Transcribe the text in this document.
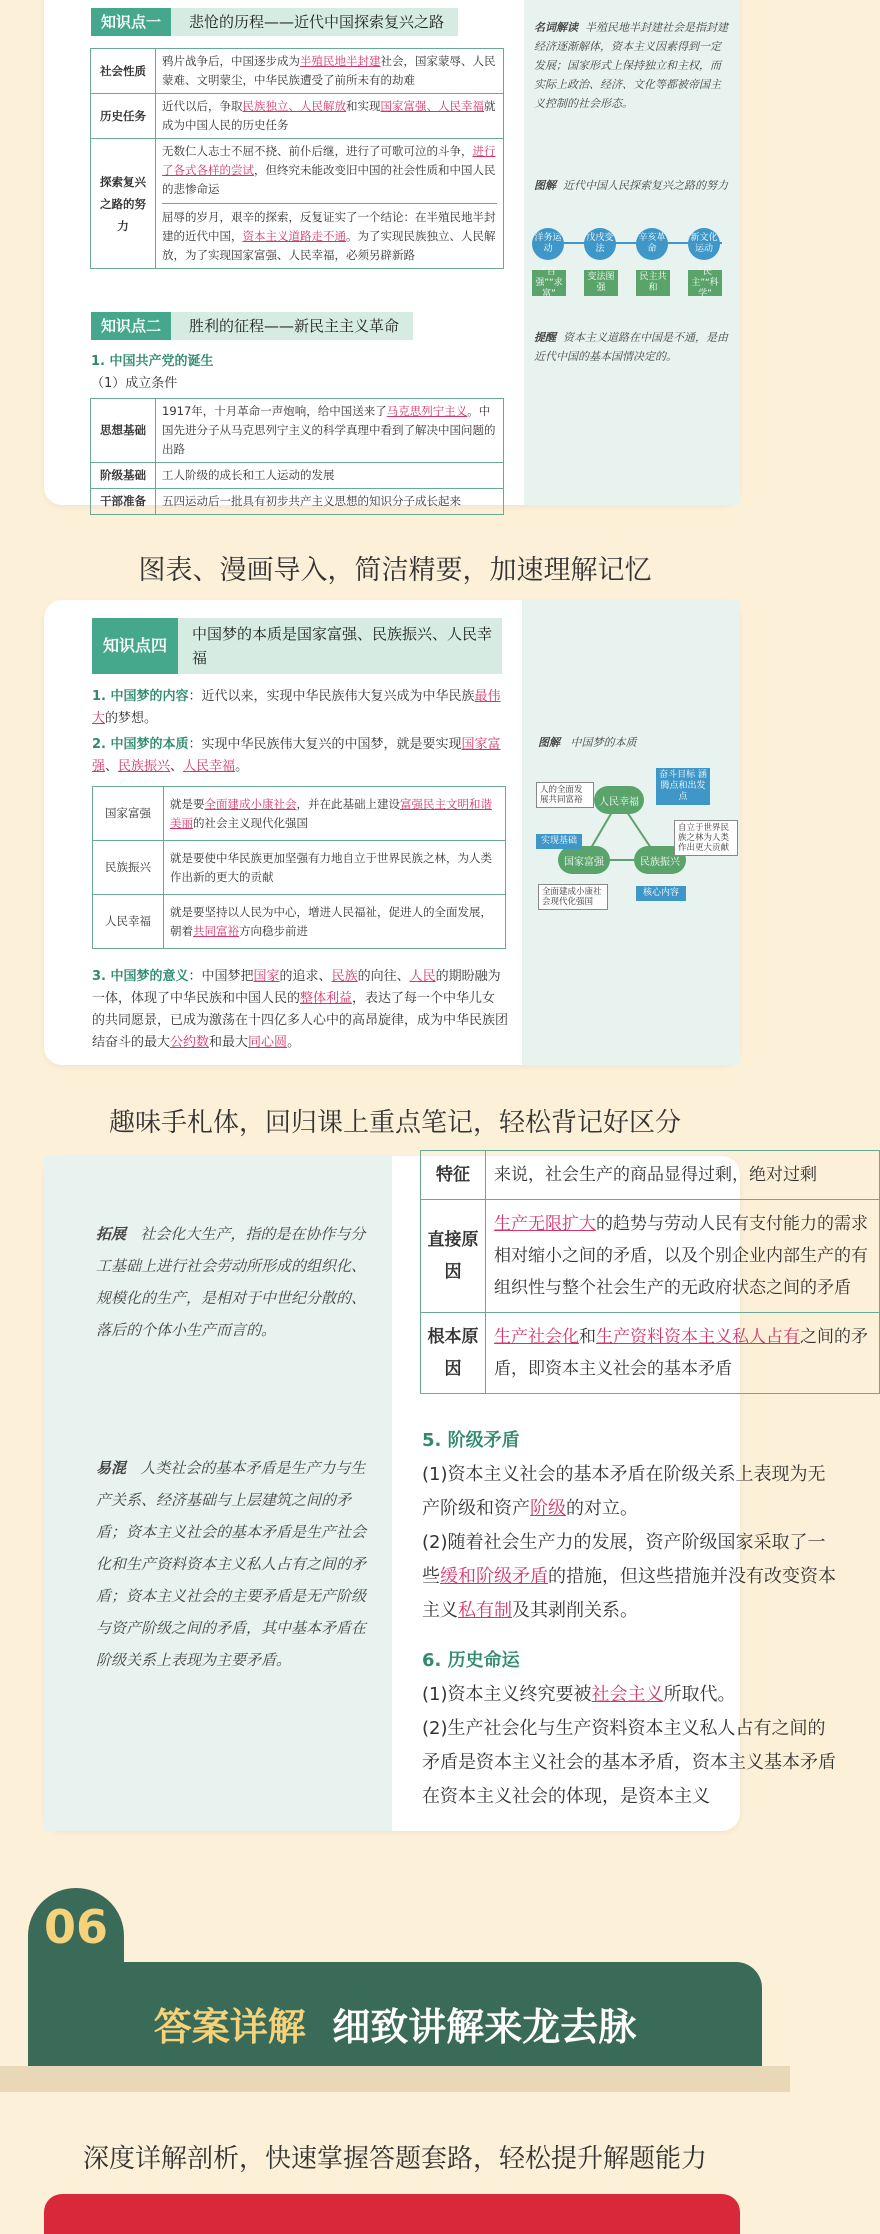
知识点一	悲怆的历程——近代中国探索复兴之路
社会性质	鸦片战争后，中国逐步成为半殖民地半封建社会，国家蒙辱、人民蒙难、文明蒙尘，中华民族遭受了前所未有的劫难
历史任务	近代以后，争取民族独立、人民解放和实现国家富强、人民幸福就成为中国人民的历史任务
探索复兴之路的努力	无数仁人志士不屈不挠、前仆后继，进行了可歌可泣的斗争，进行了各式各样的尝试，但终究未能改变旧中国的社会性质和中国人民的悲惨命运
屈辱的岁月，艰辛的探索，反复证实了一个结论：在半殖民地半封建的近代中国，资本主义道路走不通。为了实现民族独立、人民解放，为了实现国家富强、人民幸福，必须另辟新路
知识点二	胜利的征程——新民主主义革命
1. 中国共产党的诞生
（1）成立条件
思想基础	1917年，十月革命一声炮响，给中国送来了马克思列宁主义。中国先进分子从马克思列宁主义的科学真理中看到了解决中国问题的出路
阶级基础	工人阶级的成长和工人运动的发展
干部准备	五四运动后一批具有初步共产主义思想的知识分子成长起来
名词解读 半殖民地半封建社会是指封建经济逐渐解体，资本主义因素得到一定发展；国家形式上保持独立和主权，而实际上政治、经济、文化等都被帝国主义控制的社会形态。
图解 近代中国人民探索复兴之路的努力
洋务运动
戊戌变法
辛亥革命
新文化运动
“自强”“求富”
变法图强
民主共和
“民主”“科学”
提醒 资本主义道路在中国是不通，是由近代中国的基本国情决定的。
图表、漫画导入，简洁精要，加速理解记忆
知识点四
中国梦的本质是国家富强、民族振兴、人民幸福
1. 中国梦的内容：近代以来，实现中华民族伟大复兴成为中华民族最伟大的梦想。
2. 中国梦的本质：实现中华民族伟大复兴的中国梦，就是要实现国家富强、民族振兴、人民幸福。
国家富强	就是要全面建成小康社会，并在此基础上建设富强民主文明和谐美丽的社会主义现代化强国
民族振兴	就是要使中华民族更加坚强有力地自立于世界民族之林，为人类作出新的更大的贡献
人民幸福	就是要坚持以人民为中心，增进人民福祉，促进人的全面发展，朝着共同富裕方向稳步前进
3. 中国梦的意义：中国梦把国家的追求、民族的向往、人民的期盼融为一体，体现了中华民族和中国人民的整体利益，表达了每一个中华儿女的共同愿景，已成为激荡在十四亿多人心中的高昂旋律，成为中华民族团结奋斗的最大公约数和最大同心圆。
图解 中国梦的本质
人民幸福
国家富强	民族振兴
人的全面发展共同富裕
奋斗目标 涵腾点和出发点
实现基础
全面建成小康社会现代化强国
自立于世界民族之林为人类作出更大贡献
核心内容
趣味手札体，回归课上重点笔记，轻松背记好区分
拓展 社会化大生产，指的是在协作与分工基础上进行社会劳动所形成的组织化、规模化的生产，是相对于中世纪分散的、落后的个体小生产而言的。
易混 人类社会的基本矛盾是生产力与生产关系、经济基础与上层建筑之间的矛盾；资本主义社会的基本矛盾是生产社会化和生产资料资本主义私人占有之间的矛盾；资本主义社会的主要矛盾是无产阶级与资产阶级之间的矛盾，其中基本矛盾在阶级关系上表现为主要矛盾。
特征	来说，社会生产的商品显得过剩，绝对过剩
直接原因	生产无限扩大的趋势与劳动人民有支付能力的需求相对缩小之间的矛盾，以及个别企业内部生产的有组织性与整个社会生产的无政府状态之间的矛盾
根本原因	生产社会化和生产资料资本主义私人占有之间的矛盾，即资本主义社会的基本矛盾
5. 阶级矛盾
(1)资本主义社会的基本矛盾在阶级关系上表现为无产阶级和资产阶级的对立。
(2)随着社会生产力的发展，资产阶级国家采取了一些缓和阶级矛盾的措施，但这些措施并没有改变资本主义私有制及其剥削关系。
6. 历史命运
(1)资本主义终究要被社会主义所取代。
(2)生产社会化与生产资料资本主义私人占有之间的矛盾是资本主义社会的基本矛盾，资本主义基本矛盾在资本主义社会的体现，是资本主义
06
答案详解 细致讲解来龙去脉
深度详解剖析，快速掌握答题套路，轻松提升解题能力
